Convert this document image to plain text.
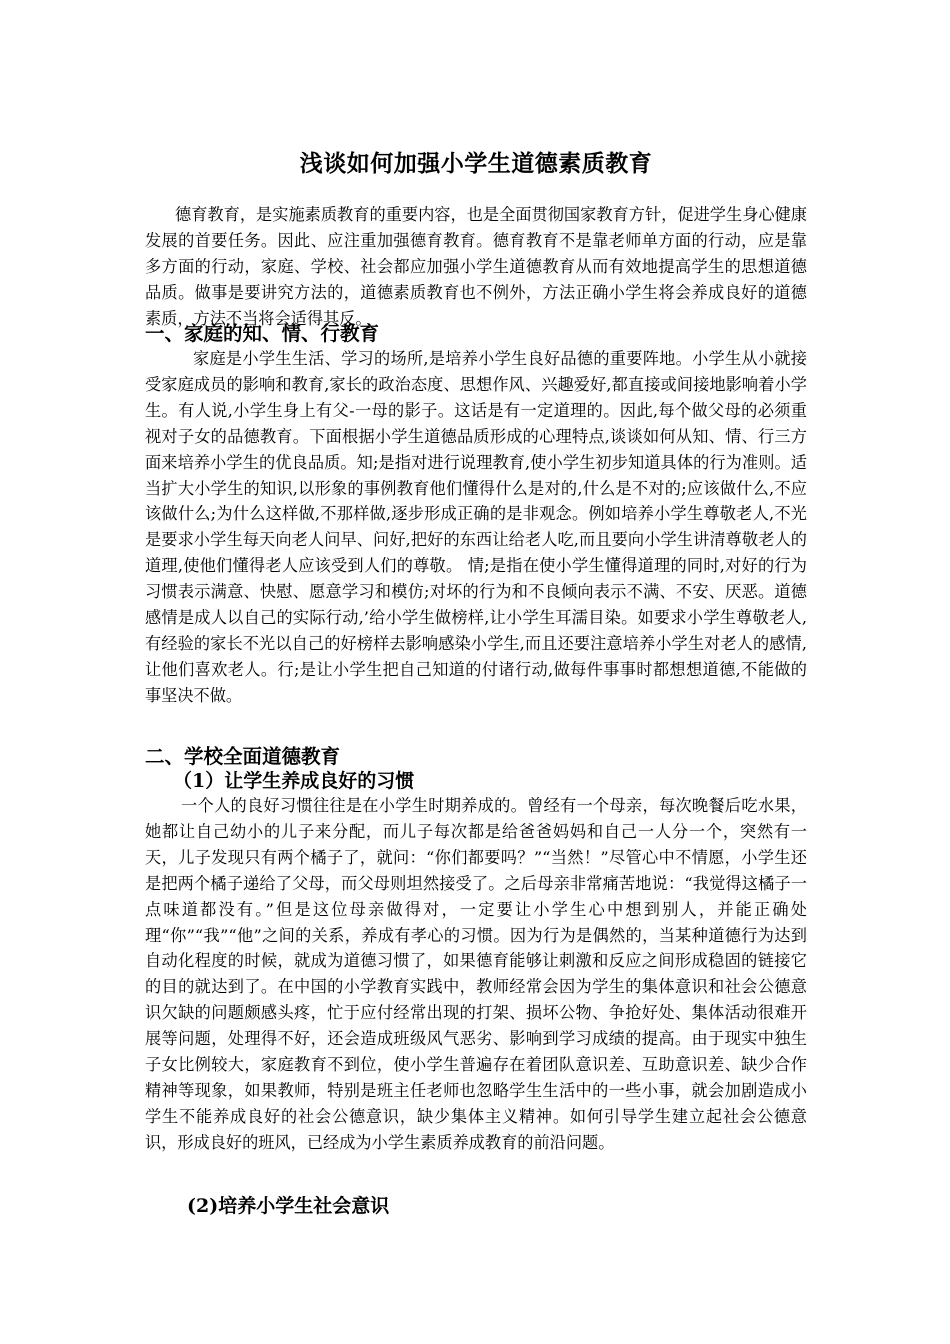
浅谈如何加强小学生道德素质教育

德育教育，是实施素质教育的重要内容，也是全面贯彻国家教育方针，促进学生身心健康发展的首要任务。因此、应注重加强德育教育。德育教育不是靠老师单方面的行动，应是靠多方面的行动，家庭、学校、社会都应加强小学生道德教育从而有效地提高学生的思想道德品质。做事是要讲究方法的，道德素质教育也不例外，方法正确小学生将会养成良好的道德素质，方法不当将会适得其反。

一、家庭的知、情、行教育

家庭是小学生生活、学习的场所,是培养小学生良好品德的重要阵地。小学生从小就接受家庭成员的影响和教育,家长的政治态度、思想作风、兴趣爱好,都直接或间接地影响着小学生。有人说,小学生身上有父-一母的影子。这话是有一定道理的。因此,每个做父母的必须重视对子女的品德教育。下面根据小学生道德品质形成的心理特点,谈谈如何从知、情、行三方面来培养小学生的优良品质。知;是指对进行说理教育,使小学生初步知道具体的行为准则。适当扩大小学生的知识,以形象的事例教育他们懂得什么是对的,什么是不对的;应该做什么,不应该做什么;为什么这样做,不那样做,逐步形成正确的是非观念。例如培养小学生尊敬老人,不光是要求小学生每天向老人问早、问好,把好的东西让给老人吃,而且要向小学生讲清尊敬老人的道理,使他们懂得老人应该受到人们的尊敬。 情;是指在使小学生懂得道理的同时,对好的行为习惯表示满意、快慰、愿意学习和模仿;对坏的行为和不良倾向表示不满、不安、厌恶。道德感情是成人以自己的实际行动,’给小学生做榜样,让小学生耳濡目染。如要求小学生尊敬老人,有经验的家长不光以自己的好榜样去影响感染小学生,而且还要注意培养小学生对老人的感情,让他们喜欢老人。行;是让小学生把自己知道的付诸行动,做每件事事时都想想道德,不能做的事坚决不做。

二、学校全面道德教育
（1）让学生养成良好的习惯

一个人的良好习惯往往是在小学生时期养成的。曾经有一个母亲，每次晚餐后吃水果，她都让自己幼小的儿子来分配，而儿子每次都是给爸爸妈妈和自己一人分一个，突然有一天，儿子发现只有两个橘子了，就问：“你们都要吗？”“当然！”尽管心中不情愿，小学生还是把两个橘子递给了父母，而父母则坦然接受了。之后母亲非常痛苦地说：“我觉得这橘子一点味道都没有。”但是这位母亲做得对，一定要让小学生心中想到别人，并能正确处理“你”“我”“他”之间的关系，养成有孝心的习惯。因为行为是偶然的，当某种道德行为达到自动化程度的时候，就成为道德习惯了，如果德育能够让刺激和反应之间形成稳固的链接它的目的就达到了。在中国的小学教育实践中，教师经常会因为学生的集体意识和社会公德意识欠缺的问题颇感头疼，忙于应付经常出现的打架、损坏公物、争抢好处、集体活动很难开展等问题，处理得不好，还会造成班级风气恶劣、影响到学习成绩的提高。由于现实中独生子女比例较大，家庭教育不到位，使小学生普遍存在着团队意识差、互助意识差、缺少合作精神等现象，如果教师，特别是班主任老师也忽略学生生活中的一些小事，就会加剧造成小学生不能养成良好的社会公德意识，缺少集体主义精神。如何引导学生建立起社会公德意识，形成良好的班风，已经成为小学生素质养成教育的前沿问题。

(2)培养小学生社会意识
